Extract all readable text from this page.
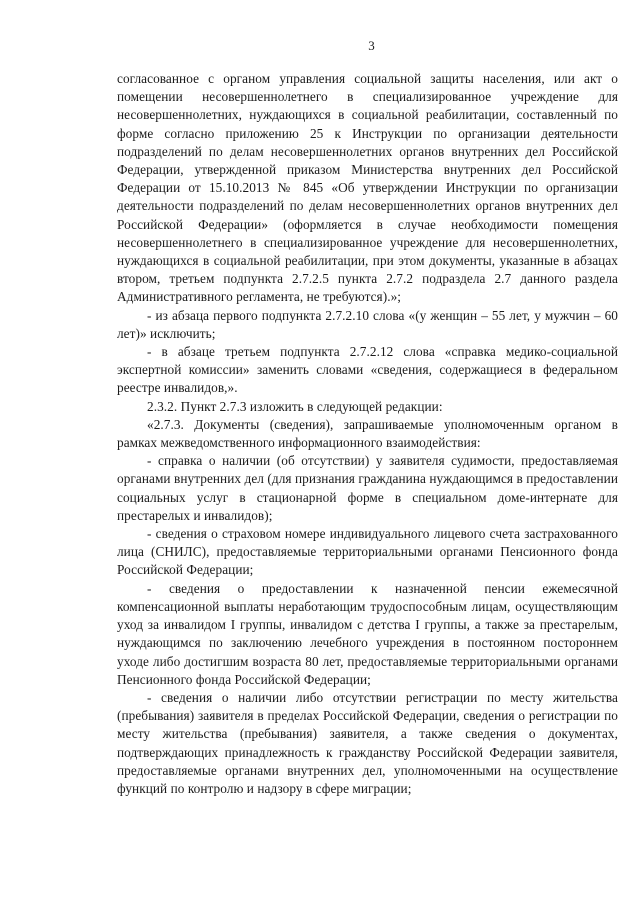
3

согласованное с органом управления социальной защиты населения, или акт о помещении несовершеннолетнего в специализированное учреждение для несовершеннолетних, нуждающихся в социальной реабилитации, составленный по форме согласно приложению 25 к Инструкции по организации деятельности подразделений по делам несовершеннолетних органов внутренних дел Российской Федерации, утвержденной приказом Министерства внутренних дел Российской Федерации от 15.10.2013 № 845 «Об утверждении Инструкции по организации деятельности подразделений по делам несовершеннолетних органов внутренних дел Российской Федерации» (оформляется в случае необходимости помещения несовершеннолетнего в специализированное учреждение для несовершеннолетних, нуждающихся в социальной реабилитации, при этом документы, указанные в абзацах втором, третьем подпункта 2.7.2.5 пункта 2.7.2 подраздела 2.7 данного раздела Административного регламента, не требуются).»;

- из абзаца первого подпункта 2.7.2.10 слова «(у женщин – 55 лет, у мужчин – 60 лет)» исключить;

- в абзаце третьем подпункта 2.7.2.12 слова «справка медико-социальной экспертной комиссии» заменить словами «сведения, содержащиеся в федеральном реестре инвалидов,».

2.3.2. Пункт 2.7.3 изложить в следующей редакции:

«2.7.3. Документы (сведения), запрашиваемые уполномоченным органом в рамках межведомственного информационного взаимодействия:

- справка о наличии (об отсутствии) у заявителя судимости, предоставляемая органами внутренних дел (для признания гражданина нуждающимся в предоставлении социальных услуг в стационарной форме в специальном доме-интернате для престарелых и инвалидов);

- сведения о страховом номере индивидуального лицевого счета застрахованного лица (СНИЛС), предоставляемые территориальными органами Пенсионного фонда Российской Федерации;

- сведения о предоставлении к назначенной пенсии ежемесячной компенсационной выплаты неработающим трудоспособным лицам, осуществляющим уход за инвалидом I группы, инвалидом с детства I группы, а также за престарелым, нуждающимся по заключению лечебного учреждения в постоянном постороннем уходе либо достигшим возраста 80 лет, предоставляемые территориальными органами Пенсионного фонда Российской Федерации;

- сведения о наличии либо отсутствии регистрации по месту жительства (пребывания) заявителя в пределах Российской Федерации, сведения о регистрации по месту жительства (пребывания) заявителя, а также сведения о документах, подтверждающих принадлежность к гражданству Российской Федерации заявителя, предоставляемые органами внутренних дел, уполномоченными на осуществление функций по контролю и надзору в сфере миграции;
